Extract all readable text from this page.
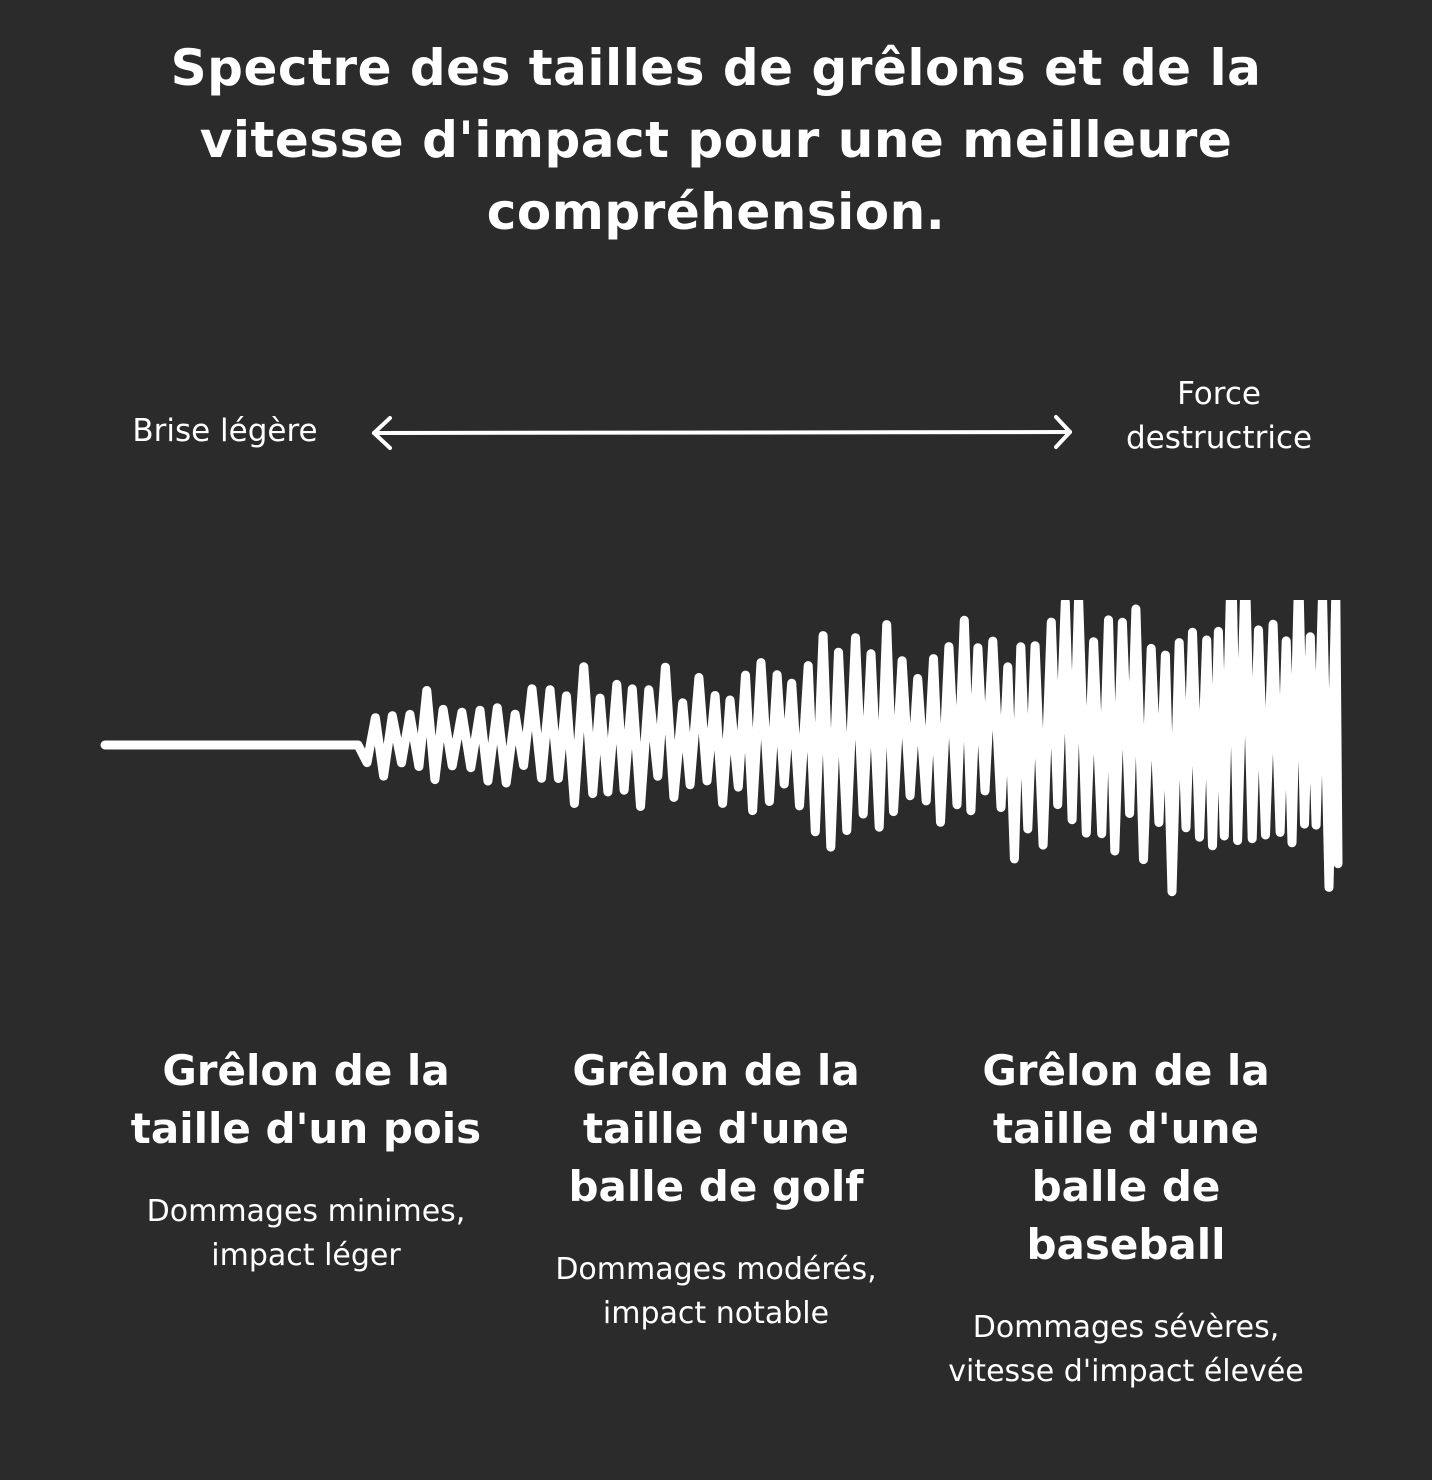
Spectre des tailles de grêlons et de la vitesse d'impact pour une meilleure compréhension.
Brise légère
Force destructrice
Grêlon de la taille d'un pois
Dommages minimes, impact léger
Grêlon de la taille d'une balle de golf
Dommages modérés, impact notable
Grêlon de la taille d'une balle de baseball
Dommages sévères, vitesse d'impact élevée
